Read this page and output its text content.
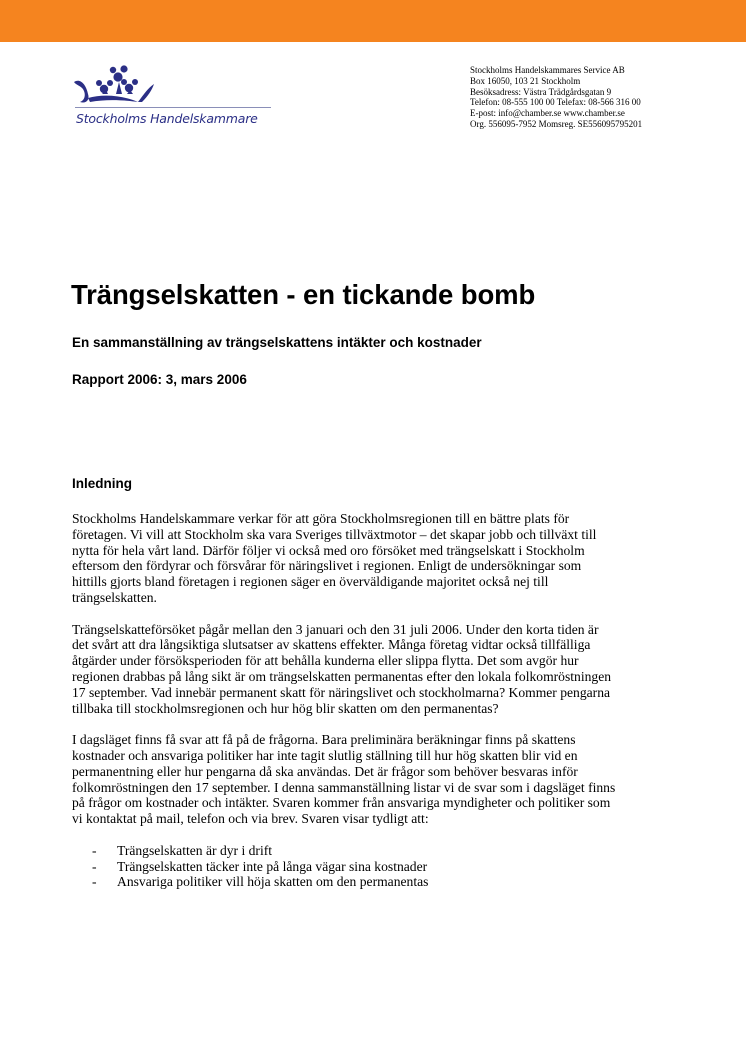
Stockholms Handelskammare
Stockholms Handelskammares Service AB
Box 16050, 103 21 Stockholm
Besöksadress: Västra Trädgårdsgatan 9
Telefon: 08-555 100 00 Telefax: 08-566 316 00
E-post: info@chamber.se www.chamber.se
Org. 556095-7952 Momsreg. SE556095795201
Trängselskatten - en tickande bomb
En sammanställning av trängselskattens intäkter och kostnader
Rapport 2006: 3, mars 2006
Inledning

Stockholms Handelskammare verkar för att göra Stockholmsregionen till en bättre plats för
företagen. Vi vill att Stockholm ska vara Sveriges tillväxtmotor – det skapar jobb och tillväxt till
nytta för hela vårt land. Därför följer vi också med oro försöket med trängselskatt i Stockholm
eftersom den fördyrar och försvårar för näringslivet i regionen. Enligt de undersökningar som
hittills gjorts bland företagen i regionen säger en överväldigande majoritet också nej till
trängselskatten.

Trängselskatteförsöket pågår mellan den 3 januari och den 31 juli 2006. Under den korta tiden är
det svårt att dra långsiktiga slutsatser av skattens effekter. Många företag vidtar också tillfälliga
åtgärder under försöksperioden för att behålla kunderna eller slippa flytta. Det som avgör hur
regionen drabbas på lång sikt är om trängselskatten permanentas efter den lokala folkomröstningen
17 september. Vad innebär permanent skatt för näringslivet och stockholmarna? Kommer pengarna
tillbaka till stockholmsregionen och hur hög blir skatten om den permanentas?

I dagsläget finns få svar att få på de frågorna. Bara preliminära beräkningar finns på skattens
kostnader och ansvariga politiker har inte tagit slutlig ställning till hur hög skatten blir vid en
permanentning eller hur pengarna då ska användas. Det är frågor som behöver besvaras inför
folkomröstningen den 17 september. I denna sammanställning listar vi de svar som i dagsläget finns
på frågor om kostnader och intäkter. Svaren kommer från ansvariga myndigheter och politiker som
vi kontaktat på mail, telefon och via brev. Svaren visar tydligt att:

- Trängselskatten är dyr i drift
- Trängselskatten täcker inte på långa vägar sina kostnader
- Ansvariga politiker vill höja skatten om den permanentas
